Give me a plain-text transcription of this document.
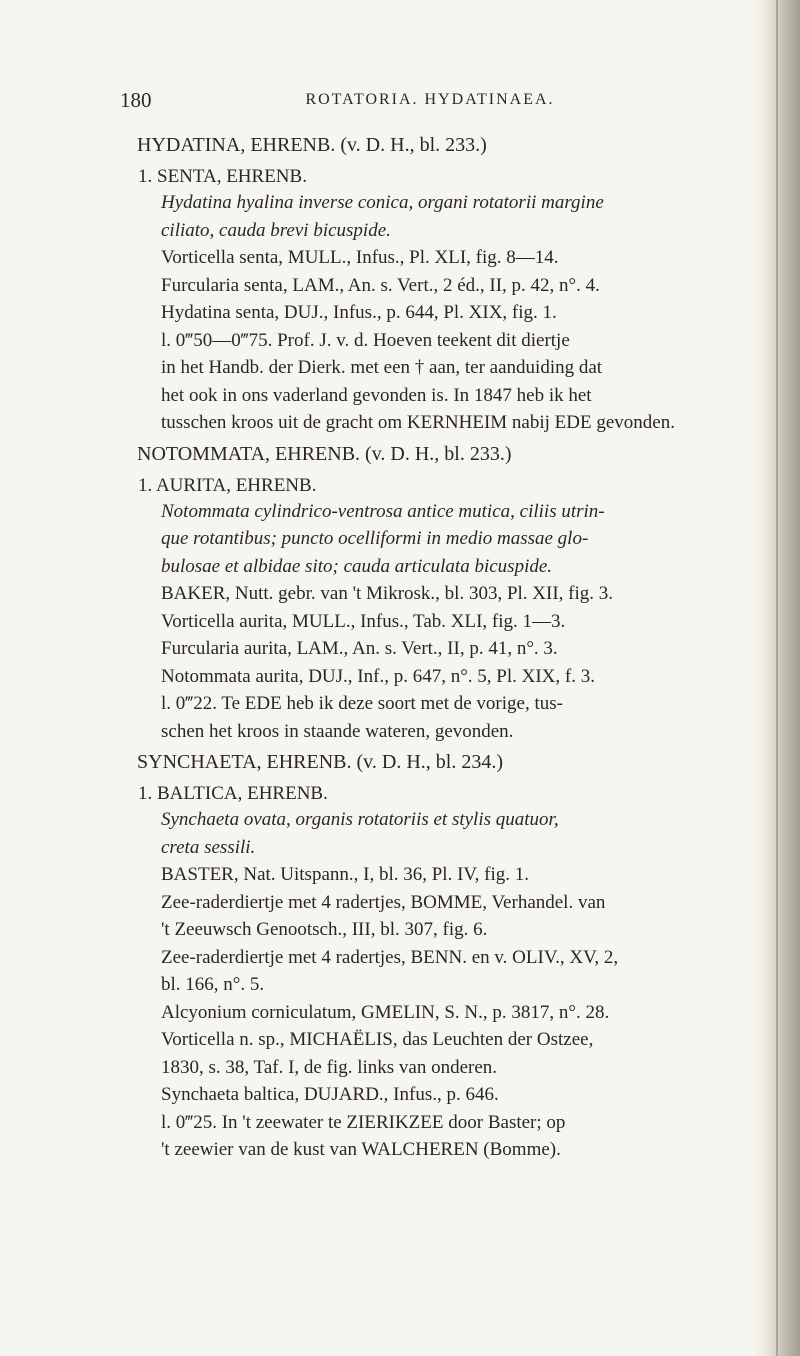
180	ROTATORIA. HYDATINAEA.
HYDATINA, EHRENB. (v. D. H., bl. 233.)
1. SENTA, EHRENB.
Hydatina hyalina inverse conica, organi rotatorii margine
ciliato, cauda brevi bicuspide.
Vorticella senta, MULL., Infus., Pl. XLI, fig. 8—14.
Furcularia senta, LAM., An. s. Vert., 2 éd., II, p. 42, n°. 4.
Hydatina senta, DUJ., Infus., p. 644, Pl. XIX, fig. 1.
l. 0‴50—0‴75. Prof. J. v. d. Hoeven teekent dit diertje
in het Handb. der Dierk. met een † aan, ter aanduiding dat
het ook in ons vaderland gevonden is. In 1847 heb ik het
tusschen kroos uit de gracht om KERNHEIM nabij EDE gevonden.
NOTOMMATA, EHRENB. (v. D. H., bl. 233.)
1. AURITA, EHRENB.
Notommata cylindrico-ventrosa antice mutica, ciliis utrin-
que rotantibus; puncto ocelliformi in medio massae glo-
bulosae et albidae sito; cauda articulata bicuspide.
BAKER, Nutt. gebr. van 't Mikrosk., bl. 303, Pl. XII, fig. 3.
Vorticella aurita, MULL., Infus., Tab. XLI, fig. 1—3.
Furcularia aurita, LAM., An. s. Vert., II, p. 41, n°. 3.
Notommata aurita, DUJ., Inf., p. 647, n°. 5, Pl. XIX, f. 3.
l. 0‴22. Te EDE heb ik deze soort met de vorige, tus-
schen het kroos in staande wateren, gevonden.
SYNCHAETA, EHRENB. (v. D. H., bl. 234.)
1. BALTICA, EHRENB.
Synchaeta ovata, organis rotatoriis et stylis quatuor,
creta sessili.
BASTER, Nat. Uitspann., I, bl. 36, Pl. IV, fig. 1.
Zee-raderdiertje met 4 radertjes, BOMME, Verhandel. van
't Zeeuwsch Genootsch., III, bl. 307, fig. 6.
Zee-raderdiertje met 4 radertjes, BENN. en v. OLIV., XV, 2,
bl. 166, n°. 5.
Alcyonium corniculatum, GMELIN, S. N., p. 3817, n°. 28.
Vorticella n. sp., MICHAËLIS, das Leuchten der Ostzee,
1830, s. 38, Taf. I, de fig. links van onderen.
Synchaeta baltica, DUJARD., Infus., p. 646.
l. 0‴25. In 't zeewater te ZIERIKZEE door Baster; op
't zeewier van de kust van WALCHEREN (Bomme).
